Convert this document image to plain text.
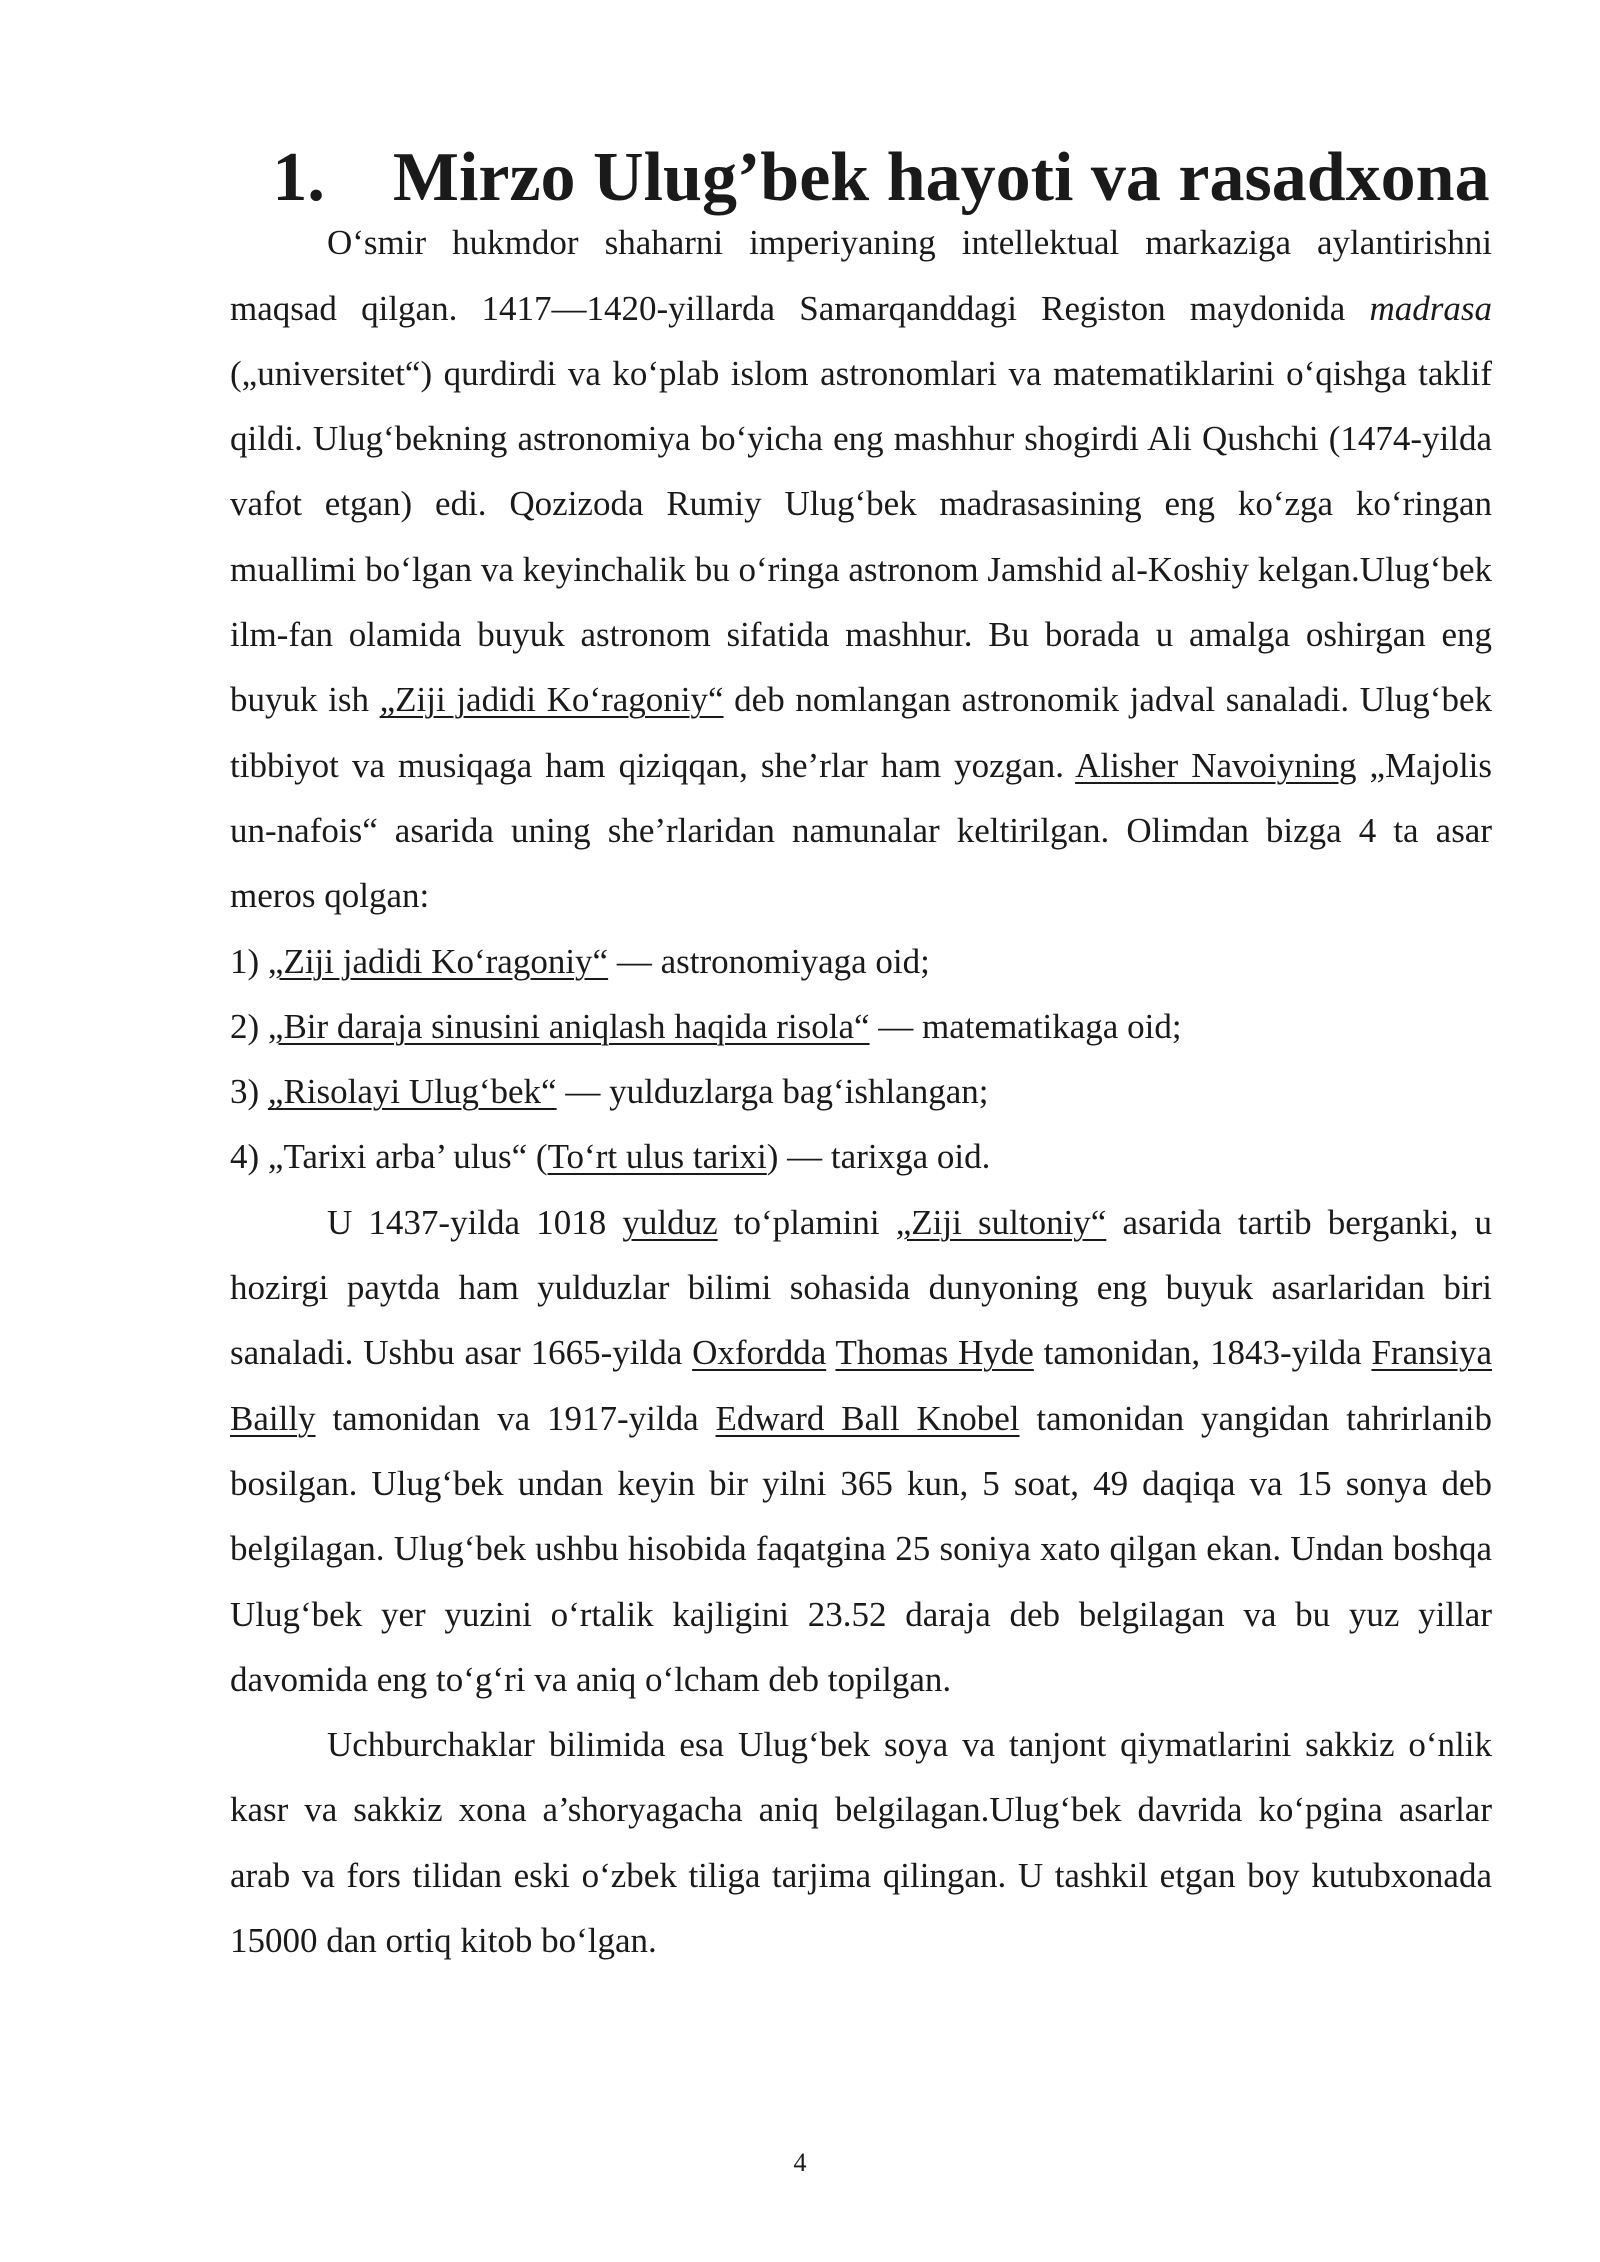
1. Mirzo Ulug’bek hayoti va rasadxona

O‘smir hukmdor shaharni imperiyaning intellektual markaziga aylantirishni maqsad qilgan. 1417—1420-yillarda Samarqanddagi Registon maydonida madrasa („universitet“) qurdirdi va ko‘plab islom astronomlari va matematiklarini o‘qishga taklif qildi. Ulug‘bekning astronomiya bo‘yicha eng mashhur shogirdi Ali Qushchi (1474-yilda vafot etgan) edi. Qozizoda Rumiy Ulug‘bek madrasasining eng ko‘zga ko‘ringan muallimi bo‘lgan va keyinchalik bu o‘ringa astronom Jamshid al-Koshiy kelgan.Ulug‘bek ilm-fan olamida buyuk astronom sifatida mashhur. Bu borada u amalga oshirgan eng buyuk ish „Ziji jadidi Ko‘ragoniy“ deb nomlangan astronomik jadval sanaladi. Ulug‘bek tibbiyot va musiqaga ham qiziqqan, she’rlar ham yozgan. Alisher Navoiyning „Majolis un-nafois“ asarida uning she’rlaridan namunalar keltirilgan. Olimdan bizga 4 ta asar meros qolgan:

1) „Ziji jadidi Ko‘ragoniy“ — astronomiyaga oid;
2) „Bir daraja sinusini aniqlash haqida risola“ — matematikaga oid;
3) „Risolayi Ulug‘bek“ — yulduzlarga bag‘ishlangan;
4) „Tarixi arba’ ulus“ (To‘rt ulus tarixi) — tarixga oid.

U 1437-yilda 1018 yulduz to‘plamini „Ziji sultoniy“ asarida tartib berganki, u hozirgi paytda ham yulduzlar bilimi sohasida dunyoning eng buyuk asarlaridan biri sanaladi. Ushbu asar 1665-yilda Oxfordda Thomas Hyde tamonidan, 1843-yilda Fransiya Bailly tamonidan va 1917-yilda Edward Ball Knobel tamonidan yangidan tahrirlanib bosilgan. Ulug‘bek undan keyin bir yilni 365 kun, 5 soat, 49 daqiqa va 15 sonya deb belgilagan. Ulug‘bek ushbu hisobida faqatgina 25 soniya xato qilgan ekan. Undan boshqa Ulug‘bek yer yuzini o‘rtalik kajligini 23.52 daraja deb belgilagan va bu yuz yillar davomida eng to‘g‘ri va aniq o‘lcham deb topilgan.

Uchburchaklar bilimida esa Ulug‘bek soya va tanjont qiymatlarini sakkiz o‘nlik kasr va sakkiz xona a’shoryagacha aniq belgilagan.Ulug‘bek davrida ko‘pgina asarlar arab va fors tilidan eski o‘zbek tiliga tarjima qilingan. U tashkil etgan boy kutubxonada 15000 dan ortiq kitob bo‘lgan.

4
